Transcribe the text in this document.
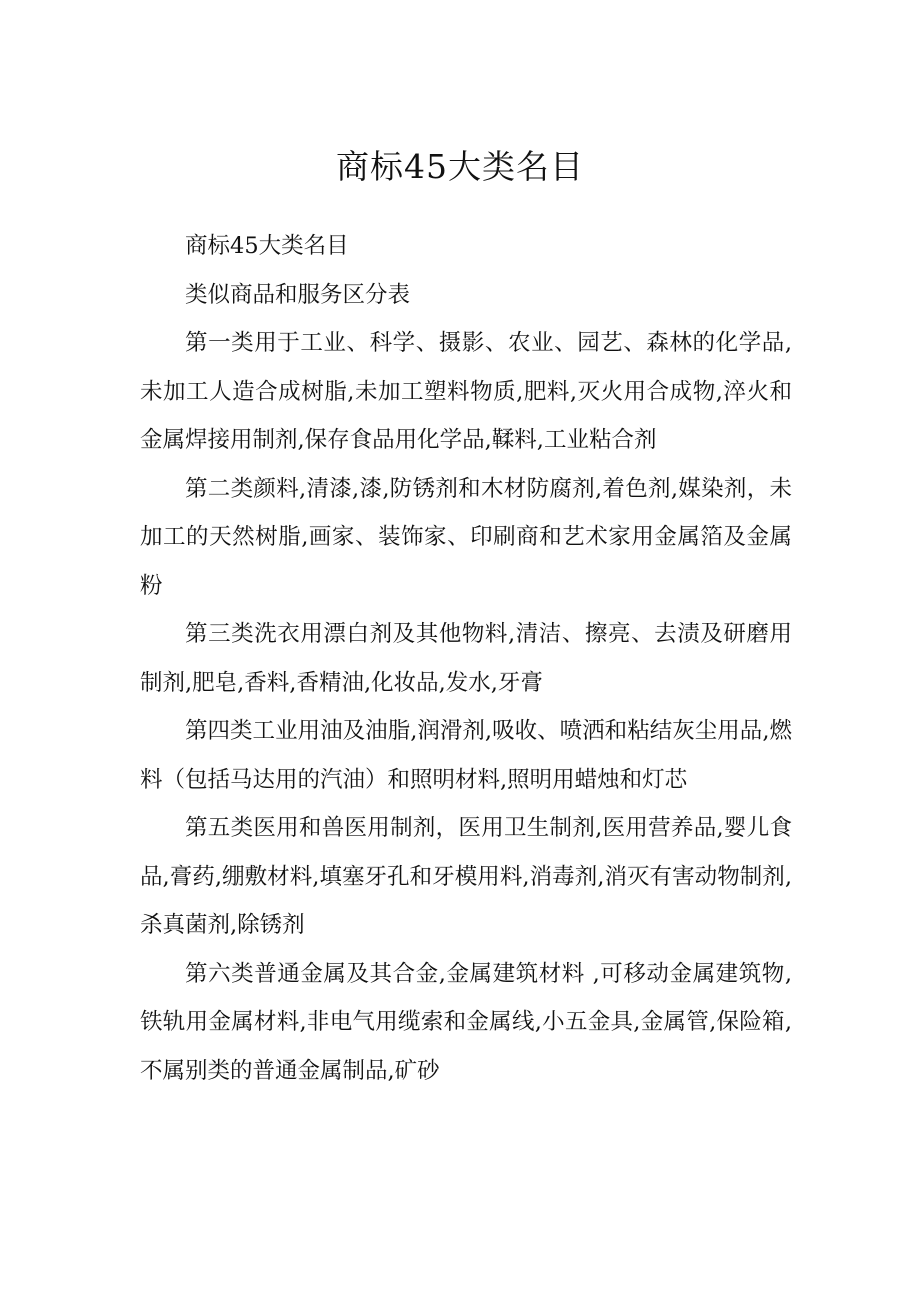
商标45大类名目

商标45大类名目

类似商品和服务区分表

第一类用于工业、科学、摄影、农业、园艺、森林的化学品,未加工人造合成树脂,未加工塑料物质,肥料,灭火用合成物,淬火和金属焊接用制剂,保存食品用化学品,鞣料,工业粘合剂

第二类颜料,清漆,漆,防锈剂和木材防腐剂,着色剂,媒染剂，未加工的天然树脂,画家、装饰家、印刷商和艺术家用金属箔及金属粉

第三类洗衣用漂白剂及其他物料,清洁、擦亮、去渍及研磨用制剂,肥皂,香料,香精油,化妆品,发水,牙膏

第四类工业用油及油脂,润滑剂,吸收、喷洒和粘结灰尘用品,燃料（包括马达用的汽油）和照明材料,照明用蜡烛和灯芯

第五类医用和兽医用制剂，医用卫生制剂,医用营养品,婴儿食品,膏药,绷敷材料,填塞牙孔和牙模用料,消毒剂,消灭有害动物制剂,杀真菌剂,除锈剂

第六类普通金属及其合金,金属建筑材料 ,可移动金属建筑物,铁轨用金属材料,非电气用缆索和金属线,小五金具,金属管,保险箱,不属别类的普通金属制品,矿砂
